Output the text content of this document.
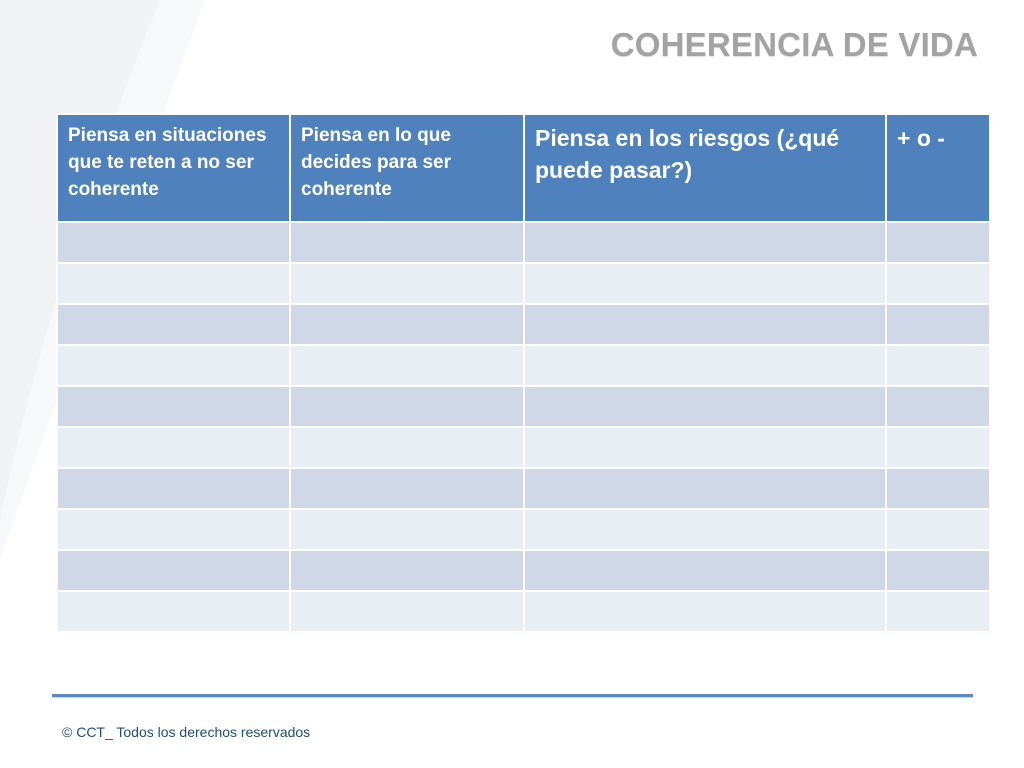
COHERENCIA DE VIDA
Piensa en situaciones que te reten a no ser coherente	Piensa en lo que decides para ser coherente	Piensa en los riesgos (¿qué puede pasar?)	+ o -

© CCT_ Todos los derechos reservados
